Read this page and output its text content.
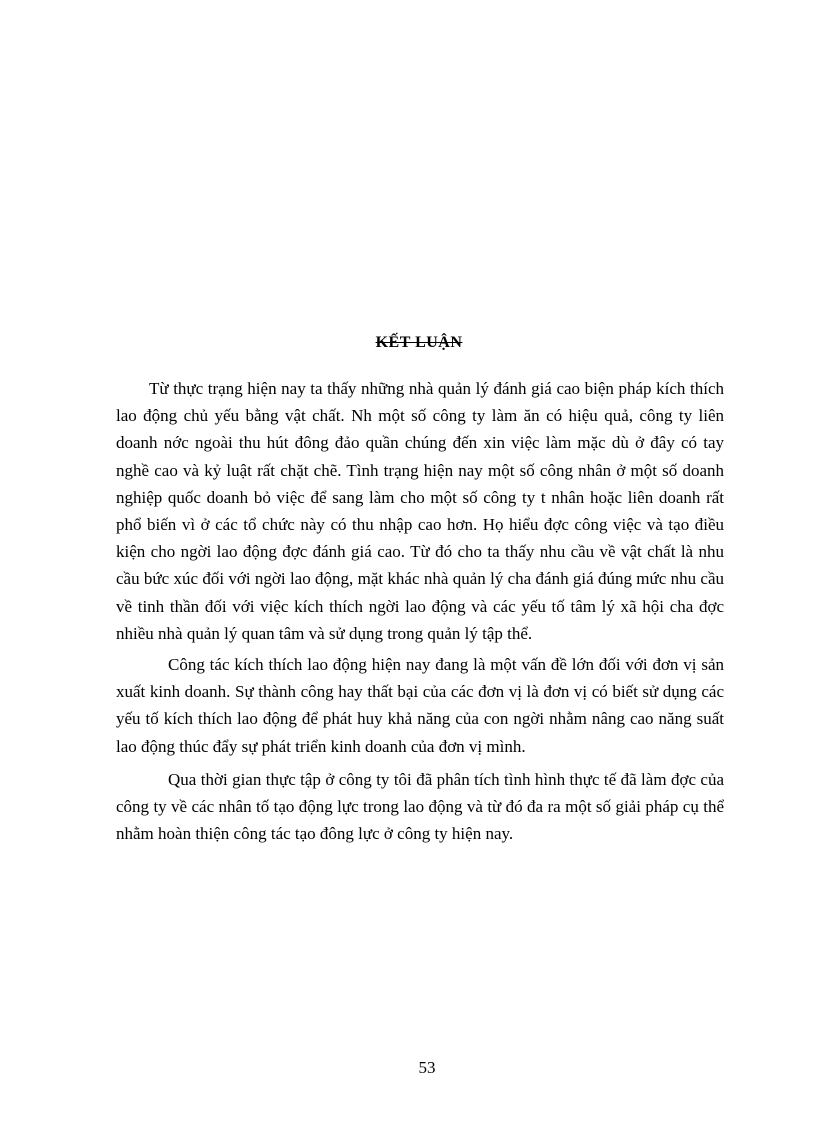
KẾT LUẬN

Từ thực trạng hiện nay ta thấy những nhà quản lý đánh giá cao biện pháp kích thích lao động chủ yếu bằng vật chất. Nh một số công ty làm ăn có hiệu quả, công ty liên doanh nớc ngoài thu hút đông đảo quần chúng đến xin việc làm mặc dù ở đây có tay nghề cao và kỷ luật rất chặt chẽ. Tình trạng hiện nay một số công nhân ở một số doanh nghiệp quốc doanh bỏ việc để sang làm cho một số công ty t nhân hoặc liên doanh rất phổ biến vì ở các tổ chức này có thu nhập cao hơn. Họ hiểu đợc công việc và tạo điều kiện cho ngời lao động đợc đánh giá cao. Từ đó cho ta thấy nhu cầu về vật chất là nhu cầu bức xúc đối với ngời lao động, mặt khác nhà quản lý cha đánh giá đúng mức nhu cầu về tinh thần đối với việc kích thích ngời lao động và các yếu tố tâm lý xã hội cha đợc nhiều nhà quản lý quan tâm và sử dụng trong quản lý tập thể.

Công tác kích thích lao động hiện nay đang là một vấn đề lớn đối với đơn vị sản xuất kinh doanh. Sự thành công hay thất bại của các đơn vị là đơn vị có biết sử dụng các yếu tố kích thích lao động để phát huy khả năng của con ngời nhằm nâng cao năng suất lao động thúc đẩy sự phát triển kinh doanh của đơn vị mình.

Qua thời gian thực tập ở công ty tôi đã phân tích tình hình thực tế đã làm đợc của công ty về các nhân tố tạo động lực trong lao động và từ đó đa ra một số giải pháp cụ thể nhằm hoàn thiện công tác tạo đông lực ở công ty hiện nay.

53
